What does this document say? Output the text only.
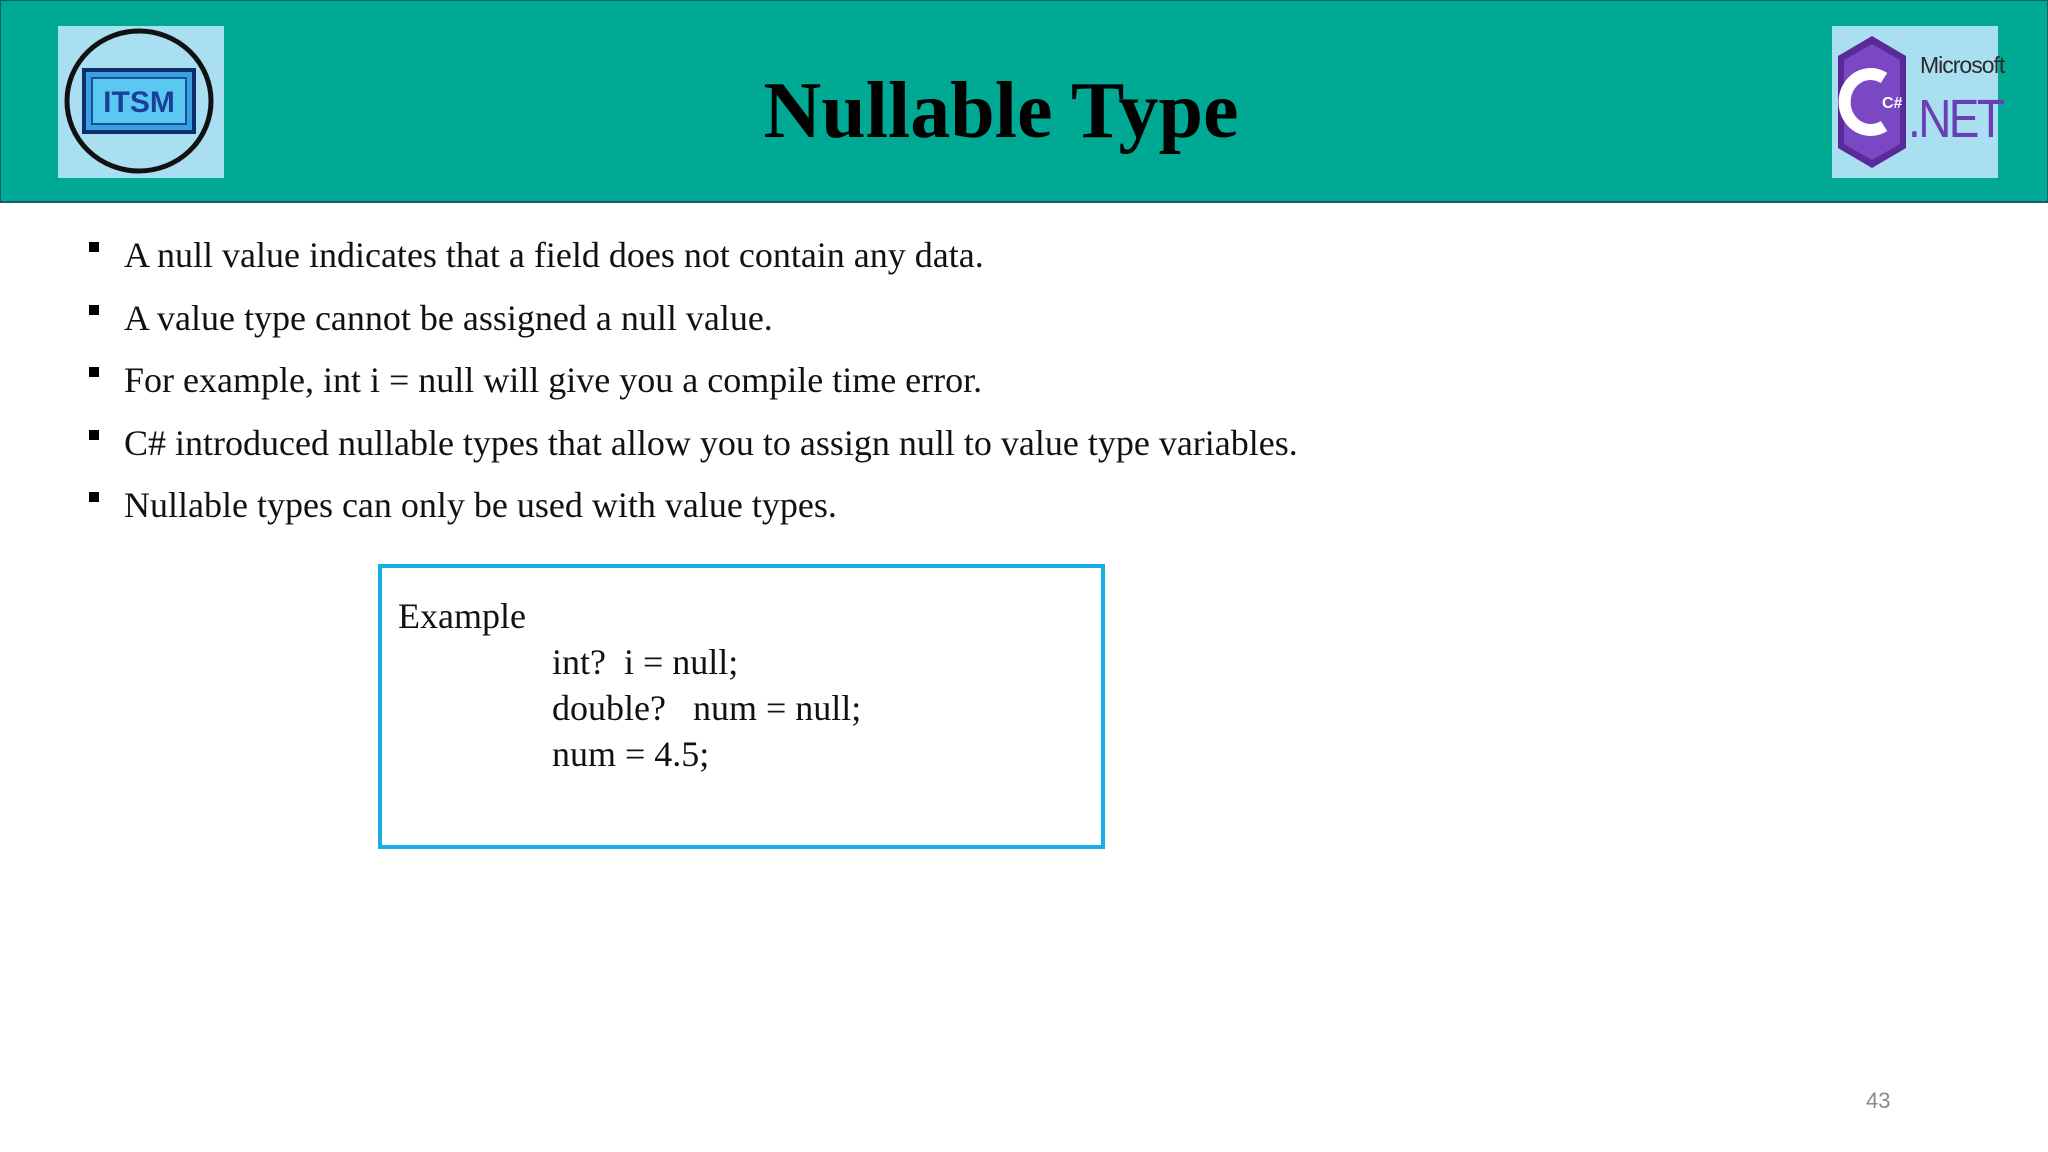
ITSM	Nullable Type	C#
Microsoft
.NET
A null value indicates that a field does not contain any data.
A value type cannot be assigned a null value.
For example, int i = null will give you a compile time error.
C# introduced nullable types that allow you to assign null to value type variables.
Nullable types can only be used with value types.
Example
int?  i = null;
double?   num = null;
num = 4.5;
43
